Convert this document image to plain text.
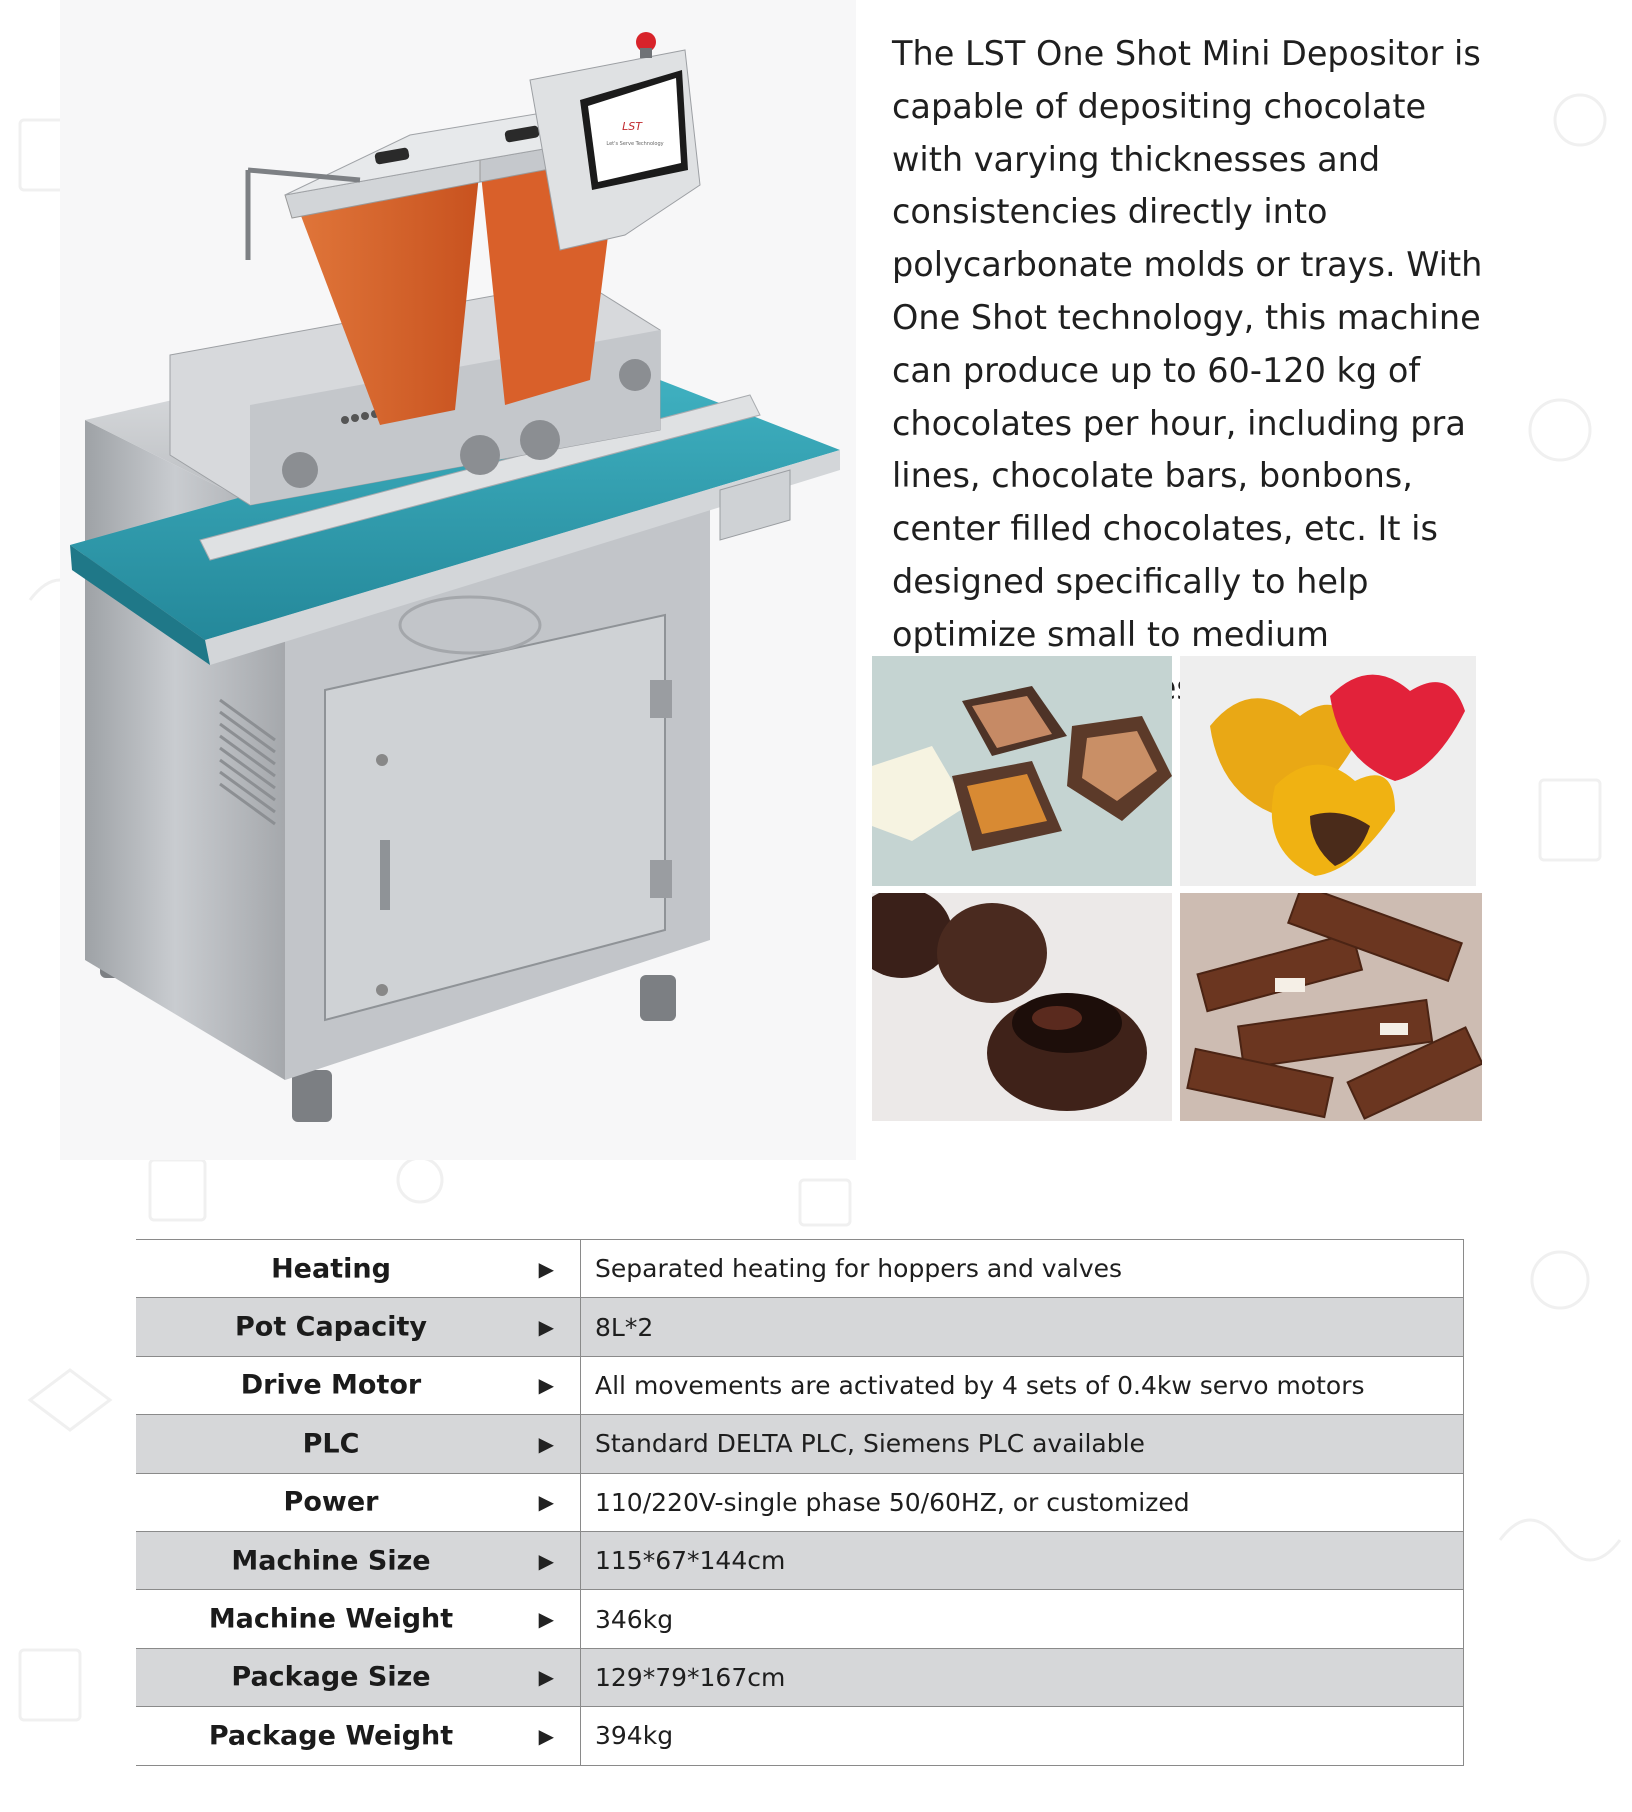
LST
Let's Serve Technology

The LST One Shot Mini Depositor is capable of depositing chocolate with varying thicknesses and consistencies directly into polycarbonate molds or trays. With One Shot technology, this machine can produce up to 60-120 kg of chocolates per hour, including pra lines, chocolate bars, bonbons, center filled chocolates, etc. It is designed specifically to help optimize small to medium

Heating ▶	Separated heating for hoppers and valves

Pot Capacity ▶	8L*2

Drive Motor ▶	All movements are activated by 4 sets of 0.4kw servo motors

PLC ▶	Standard DELTA PLC, Siemens PLC available

Power ▶	110/220V-single phase 50/60HZ, or customized

Machine Size ▶	115*67*144cm

Machine Weight ▶	346kg

Package Size ▶	129*79*167cm

Package Weight ▶	394kg
